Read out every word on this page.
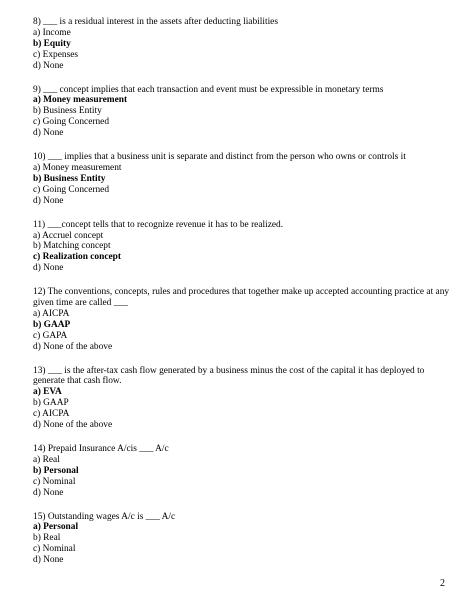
8) ___ is a residual interest in the assets after deducting liabilities
a) Income
b) Equity
c) Expenses
d) None
9) ___ concept implies that each transaction and event must be expressible in monetary terms
a) Money measurement
b) Business Entity
c) Going Concerned
d) None
10) ___ implies that a business unit is separate and distinct from the person who owns or controls it
a) Money measurement
b) Business Entity
c) Going Concerned
d) None
11) ___concept tells that to recognize revenue it has to be realized.
a) Accruel concept
b) Matching concept
c) Realization concept
d) None
12) The conventions, concepts, rules and procedures that together make up accepted accounting practice at any given time are called ___
a) AICPA
b) GAAP
c) GAPA
d) None of the above
13) ___ is the after-tax cash flow generated by a business minus the cost of the capital it has deployed to generate that cash flow.
a) EVA
b) GAAP
c) AICPA
d) None of the above
14) Prepaid Insurance A/cis ___ A/c
a) Real
b) Personal
c) Nominal
d) None
15) Outstanding wages A/c is ___ A/c
a) Personal
b) Real
c) Nominal
d) None
2
